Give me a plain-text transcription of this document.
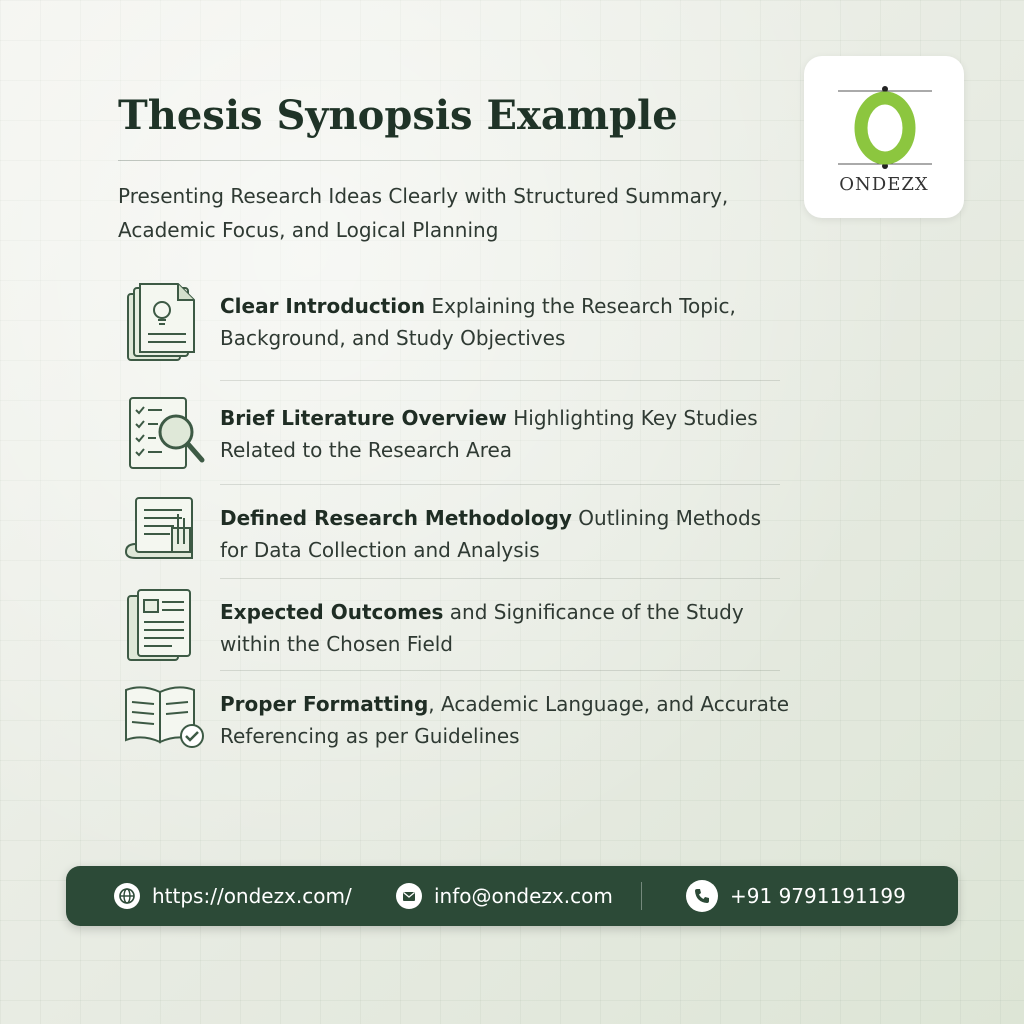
Thesis Synopsis Example

Presenting Research Ideas Clearly with Structured Summary,
Academic Focus, and Logical Planning

ONDEZX
Clear Introduction Explaining the Research Topic,
Background, and Study Objectives
Brief Literature Overview Highlighting Key Studies
Related to the Research Area
Defined Research Methodology Outlining Methods
for Data Collection and Analysis
Expected Outcomes and Significance of the Study
within the Chosen Field
Proper Formatting, Academic Language, and Accurate
Referencing as per Guidelines
https://ondezx.com/	info@ondezx.com	+91 9791191199
